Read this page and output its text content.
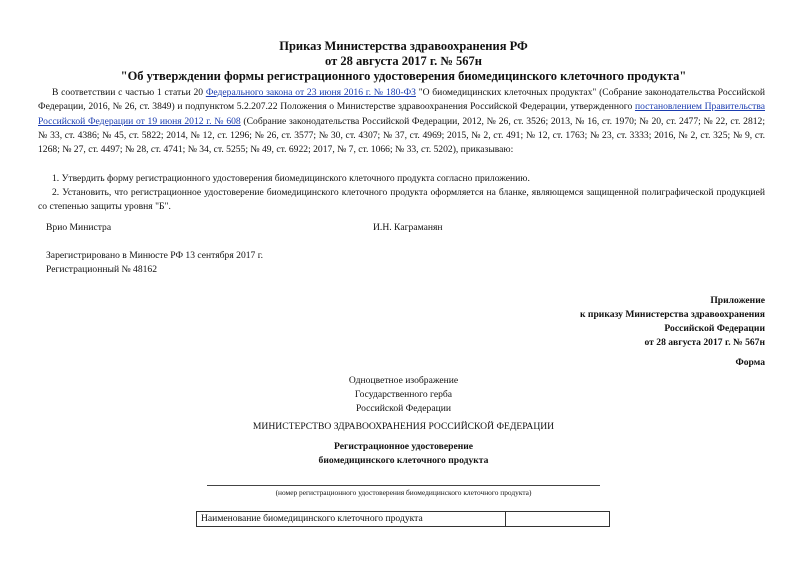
Приказ Министерства здравоохранения РФ
от 28 августа 2017 г. № 567н
"Об утверждении формы регистрационного удостоверения биомедицинского клеточного продукта"
В соответствии с частью 1 статьи 20 Федерального закона от 23 июня 2016 г. № 180-ФЗ "О биомедицинских клеточных продуктах" (Собрание законодательства Российской Федерации, 2016, № 26, ст. 3849) и подпунктом 5.2.207.22 Положения о Министерстве здравоохранения Российской Федерации, утвержденного постановлением Правительства Российской Федерации от 19 июня 2012 г. № 608 (Собрание законодательства Российской Федерации, 2012, № 26, ст. 3526; 2013, № 16, ст. 1970; № 20, ст. 2477; № 22, ст. 2812; № 33, ст. 4386; № 45, ст. 5822; 2014, № 12, ст. 1296; № 26, ст. 3577; № 30, ст. 4307; № 37, ст. 4969; 2015, № 2, ст. 491; № 12, ст. 1763; № 23, ст. 3333; 2016, № 2, ст. 325; № 9, ст. 1268; № 27, ст. 4497; № 28, ст. 4741; № 34, ст. 5255; № 49, ст. 6922; 2017, № 7, ст. 1066; № 33, ст. 5202), приказываю:
1. Утвердить форму регистрационного удостоверения биомедицинского клеточного продукта согласно приложению.
2. Установить, что регистрационное удостоверение биомедицинского клеточного продукта оформляется на бланке, являющемся защищенной полиграфической продукцией со степенью защиты уровня "Б".
Врио Министра	И.Н. Каграманян
Зарегистрировано в Минюсте РФ 13 сентября 2017 г.
Регистрационный № 48162
Приложение
к приказу Министерства здравоохранения
Российской Федерации
от 28 августа 2017 г. № 567н
Форма
Одноцветное изображение
Государственного герба
Российской Федерации
МИНИСТЕРСТВО ЗДРАВООХРАНЕНИЯ РОССИЙСКОЙ ФЕДЕРАЦИИ
Регистрационное удостоверение
биомедицинского клеточного продукта
(номер регистрационного удостоверения биомедицинского клеточного продукта)
Наименование биомедицинского клеточного продукта	
